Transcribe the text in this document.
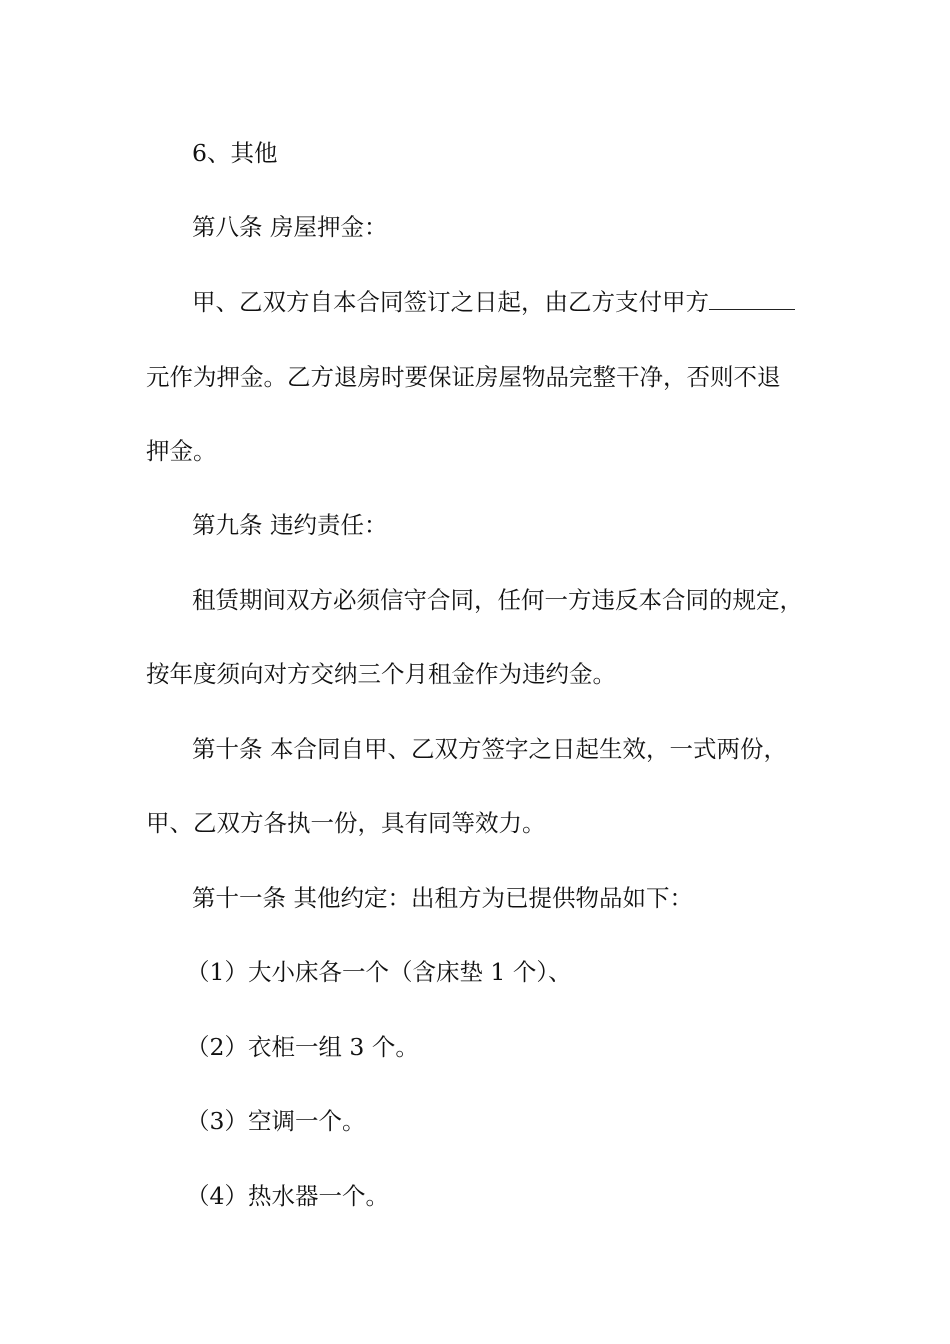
6、其他
第八条 房屋押金：
甲、乙双方自本合同签订之日起，由乙方支付甲方
元作为押金。乙方退房时要保证房屋物品完整干净，否则不退
押金。
第九条 违约责任：
租赁期间双方必须信守合同，任何一方违反本合同的规定，
按年度须向对方交纳三个月租金作为违约金。
第十条 本合同自甲、乙双方签字之日起生效，一式两份，
甲、乙双方各执一份，具有同等效力。
第十一条 其他约定：出租方为已提供物品如下：
（1）大小床各一个（含床垫 1 个）、
（2）衣柜一组 3 个。
（3）空调一个。
（4）热水器一个。
